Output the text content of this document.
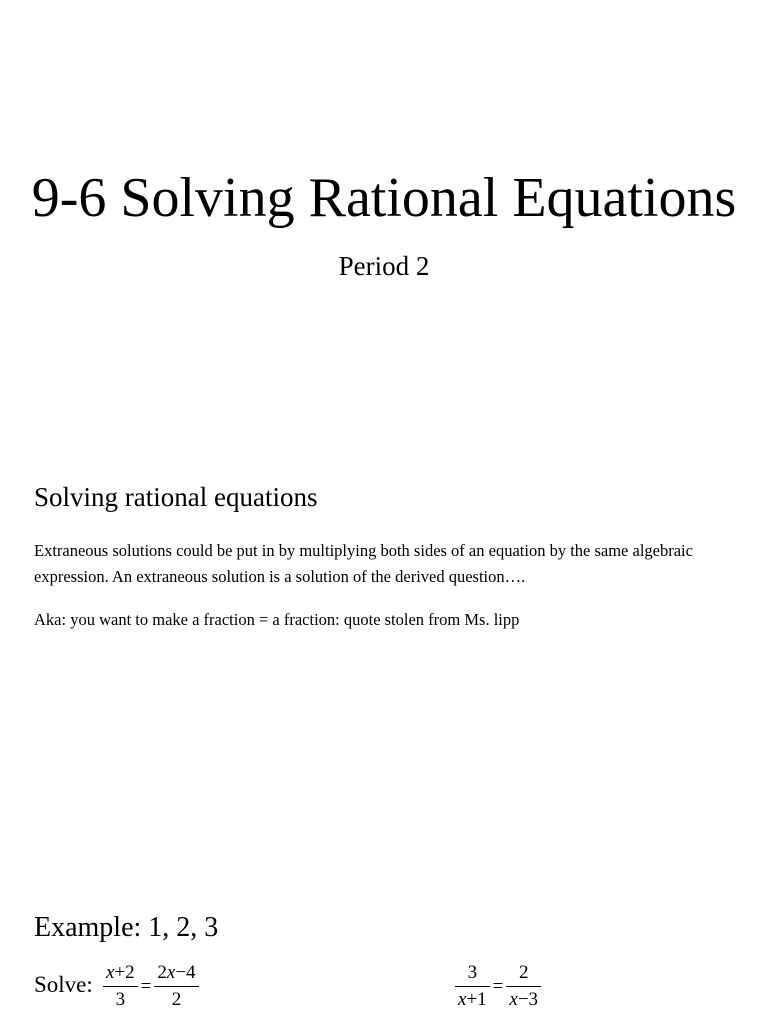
9-6 Solving Rational Equations
Period 2
Solving rational equations
Extraneous solutions could be put in by multiplying both sides of an equation by the same algebraic expression. An extraneous solution is a solution of the derived question….
Aka: you want to make a fraction = a fraction: quote stolen from Ms. lipp
Example: 1, 2, 3
Solve: $\frac{x+2}{3} = \frac{2x-4}{2}$	$\frac{3}{x+1} = \frac{2}{x-3}$
